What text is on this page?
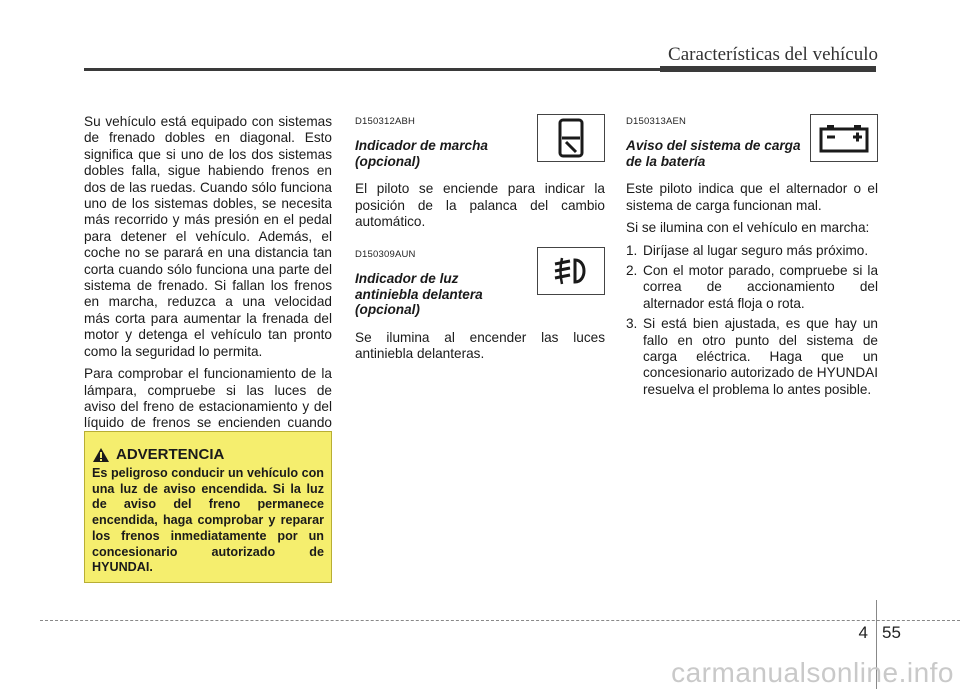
Características del vehículo

Su vehículo está equipado con sistemas de frenado dobles en diagonal. Esto significa que si uno de los dos sistemas dobles falla, sigue habiendo frenos en dos de las ruedas. Cuando sólo funciona uno de los sistemas dobles, se necesita más recorrido y más presión en el pedal para detener el vehículo. Además, el coche no se parará en una distancia tan corta cuando sólo funciona una parte del sistema de frenado. Si fallan los frenos en marcha, reduzca a una velocidad más corta para aumentar la frenada del motor y detenga el vehículo tan pronto como la seguridad lo permita.

Para comprobar el funcionamiento de la lámpara, compruebe si las luces de aviso del freno de estacionamiento y del líquido de frenos se encienden cuando

ADVERTENCIA
Es peligroso conducir un vehículo con una luz de aviso encendida. Si la luz de aviso del freno permanece encendida, haga comprobar y reparar los frenos inmediatamente por un concesionario autorizado de HYUNDAI.
D150312ABH
Indicador de marcha (opcional)

El piloto se enciende para indicar la posición de la palanca del cambio automático.

D150309AUN
Indicador de luz antiniebla delantera (opcional)

Se ilumina al encender las luces antiniebla delanteras.

D150313AEN
Aviso del sistema de carga de la batería

Este piloto indica que el alternador o el sistema de carga funcionan mal.

Si se ilumina con el vehículo en marcha:

1. Diríjase al lugar seguro más próximo.
2. Con el motor parado, compruebe si la correa de accionamiento del alternador está floja o rota.
3. Si está bien ajustada, es que hay un fallo en otro punto del sistema de carga eléctrica. Haga que un concesionario autorizado de HYUNDAI resuelva el problema lo antes posible.
4 55
carmanualsonline.info
